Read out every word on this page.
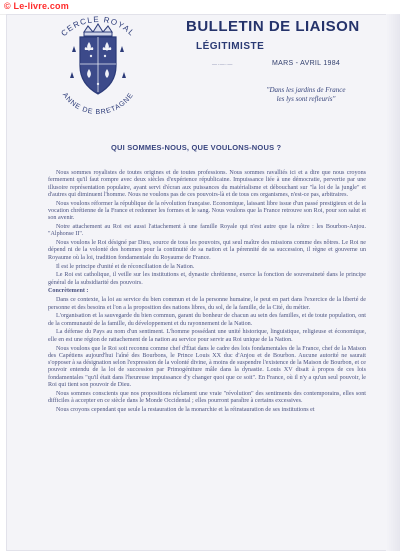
© Le-livre.com
CERCLE ROYAL
ANNE DE BRETAGNE
BULLETIN DE LIAISON
LÉGITIMISTE
—·—·—	MARS - AVRIL 1984
"Dans les jardins de France
les lys sont refleuris"
QUI SOMMES-NOUS, QUE VOULONS-NOUS ?

Nous sommes royalistes de toutes origines et de toutes professions. Nous sommes ravalliés ici et a dire que nous croyons fermement qu'il faut rompre avec deux siècles d'expérience républicaine. Impuissance liée à une démocratie, pervertie par une illusoire représentation populaire, ayant servi d'écran aux puissances du matérialisme et débouchant sur "la loi de la jungle" et d'autres qui diminuent l'homme. Nous ne voulons pas de ces pouvoirs-là et de tous ces organismes, n'est-ce pas, arbitraires.

Nous voulons réformer la république de la révolution française. Economique, laissant libre issue d'un passé prestigieux et de la vocation chrétienne de la France et redonner les formes et le sang. Nous voulons que la France retrouve son Roi, pour son salut et son avenir.

Notre attachement au Roi est aussi l'attachement à une famille Royale qui n'est autre que la nôtre : les Bourbon-Anjou. "Alphonse II".

Nous voulons le Roi désigné par Dieu, source de tous les pouvoirs, qui seul maître des missions comme des nôtres. Le Roi ne dépend ni de la volonté des hommes pour la continuité de sa nation et la pérennité de sa succession, il règne et gouverne un Royaume où la loi, tradition fondamentale du Royaume de France.

Il est le principe d'unité et de réconciliation de la Nation.

Le Roi est catholique, il veille sur les institutions et, dynastie chrétienne, exerce la fonction de souveraineté dans le principe général de la subsidiarité des pouvoirs.

Concrètement :

Dans ce contexte, la loi au service du bien commun et de la personne humaine, le peut en part dans l'exercice de la liberté de personne et des besoins et l'on a la proposition des nations libres, du sol, de la famille, de la Cité, du métier.

L'organisation et la sauvegarde du bien commun, garant du bonheur de chacun au sein des familles, et de toute population, ont de la communauté de la famille, du développement et du rayonnement de la Nation.

La défense du Pays au nom d'un sentiment. L'homme possédant une unité historique, linguistique, religieuse et économique, elle en est une région de rattachement de la nation au service pour servir au Roi unique de la Nation.

Nous voulons que le Roi soit reconnu comme chef d'État dans le cadre des lois fondamentales de la France, chef de la Maison des Capétiens aujourd'hui l'aîné des Bourbons, le Prince Louis XX duc d'Anjou et de Bourbon. Aucune autorité ne saurait s'opposer à sa désignation selon l'expression de la volonté divine, à moins de suspendre l'existence de la Maison de Bourbon, et ce pouvoir entendu de la loi de succession par Primogéniture mâle dans la dynastie. Louis XV disait à propos de ces lois fondamentales "qu'il était dans l'heureuse impuissance d'y changer quoi que ce soit". En France, où il n'y a qu'un seul pouvoir, le Roi qui tient son pouvoir de Dieu.

Nous sommes conscients que nos propositions réclament une vraie "révolution" des sentiments des contemporains, elles sont difficiles à accepter en ce siècle dans le Monde Occidental ; elles pourront paraître à certains excessives.

Nous croyons cependant que seule la restauration de la monarchie et la réinstauration de ses institutions et
